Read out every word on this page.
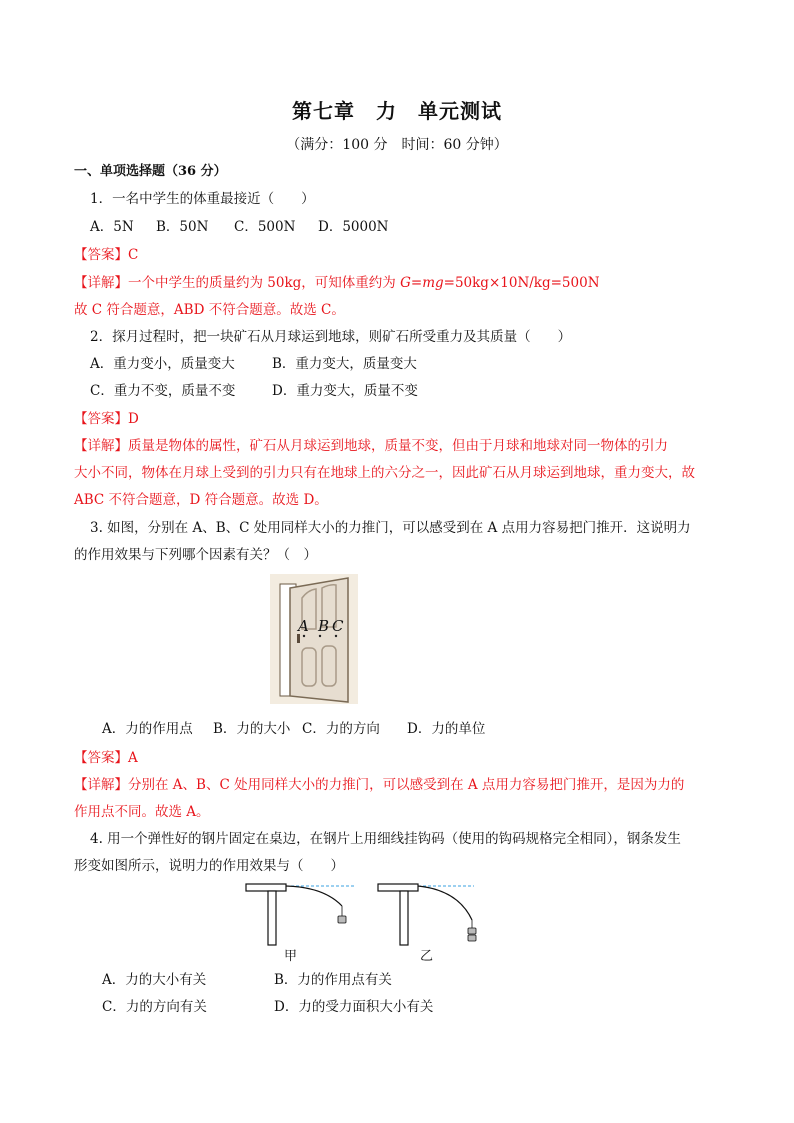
第七章　力　单元测试
（满分：100 分　时间：60 分钟）
一、单项选择题（36 分）
1．一名中学生的体重最接近（　　）
A．5N B．50N C．500N D．5000N
【答案】C
【详解】一个中学生的质量约为 50kg，可知体重约为 G=mg=50kg×10N/kg=500N
故 C 符合题意，ABD 不符合题意。故选 C。
2．探月过程时，把一块矿石从月球运到地球，则矿石所受重力及其质量（　　）
A．重力变小，质量变大	B．重力变大，质量变大
C．重力不变，质量不变	D．重力变大，质量不变
【答案】D
【详解】质量是物体的属性，矿石从月球运到地球，质量不变，但由于月球和地球对同一物体的引力
大小不同，物体在月球上受到的引力只有在地球上的六分之一，因此矿石从月球运到地球，重力变大，故
ABC 不符合题意，D 符合题意。故选 D。
3. 如图，分别在 A、B、C 处用同样大小的力推门，可以感受到在 A 点用力容易把门推开．这说明力
的作用效果与下列哪个因素有关？（　）
A B C
A．力的作用点 B．力的大小 C．力的方向 D．力的单位
【答案】A
【详解】分别在 A、B、C 处用同样大小的力推门，可以感受到在 A 点用力容易把门推开，是因为力的
作用点不同。故选 A。
4. 用一个弹性好的钢片固定在桌边，在钢片上用细线挂钩码（使用的钩码规格完全相同），钢条发生
形变如图所示，说明力的作用效果与（　　）
甲	乙
A．力的大小有关	B．力的作用点有关
C．力的方向有关	D．力的受力面积大小有关
